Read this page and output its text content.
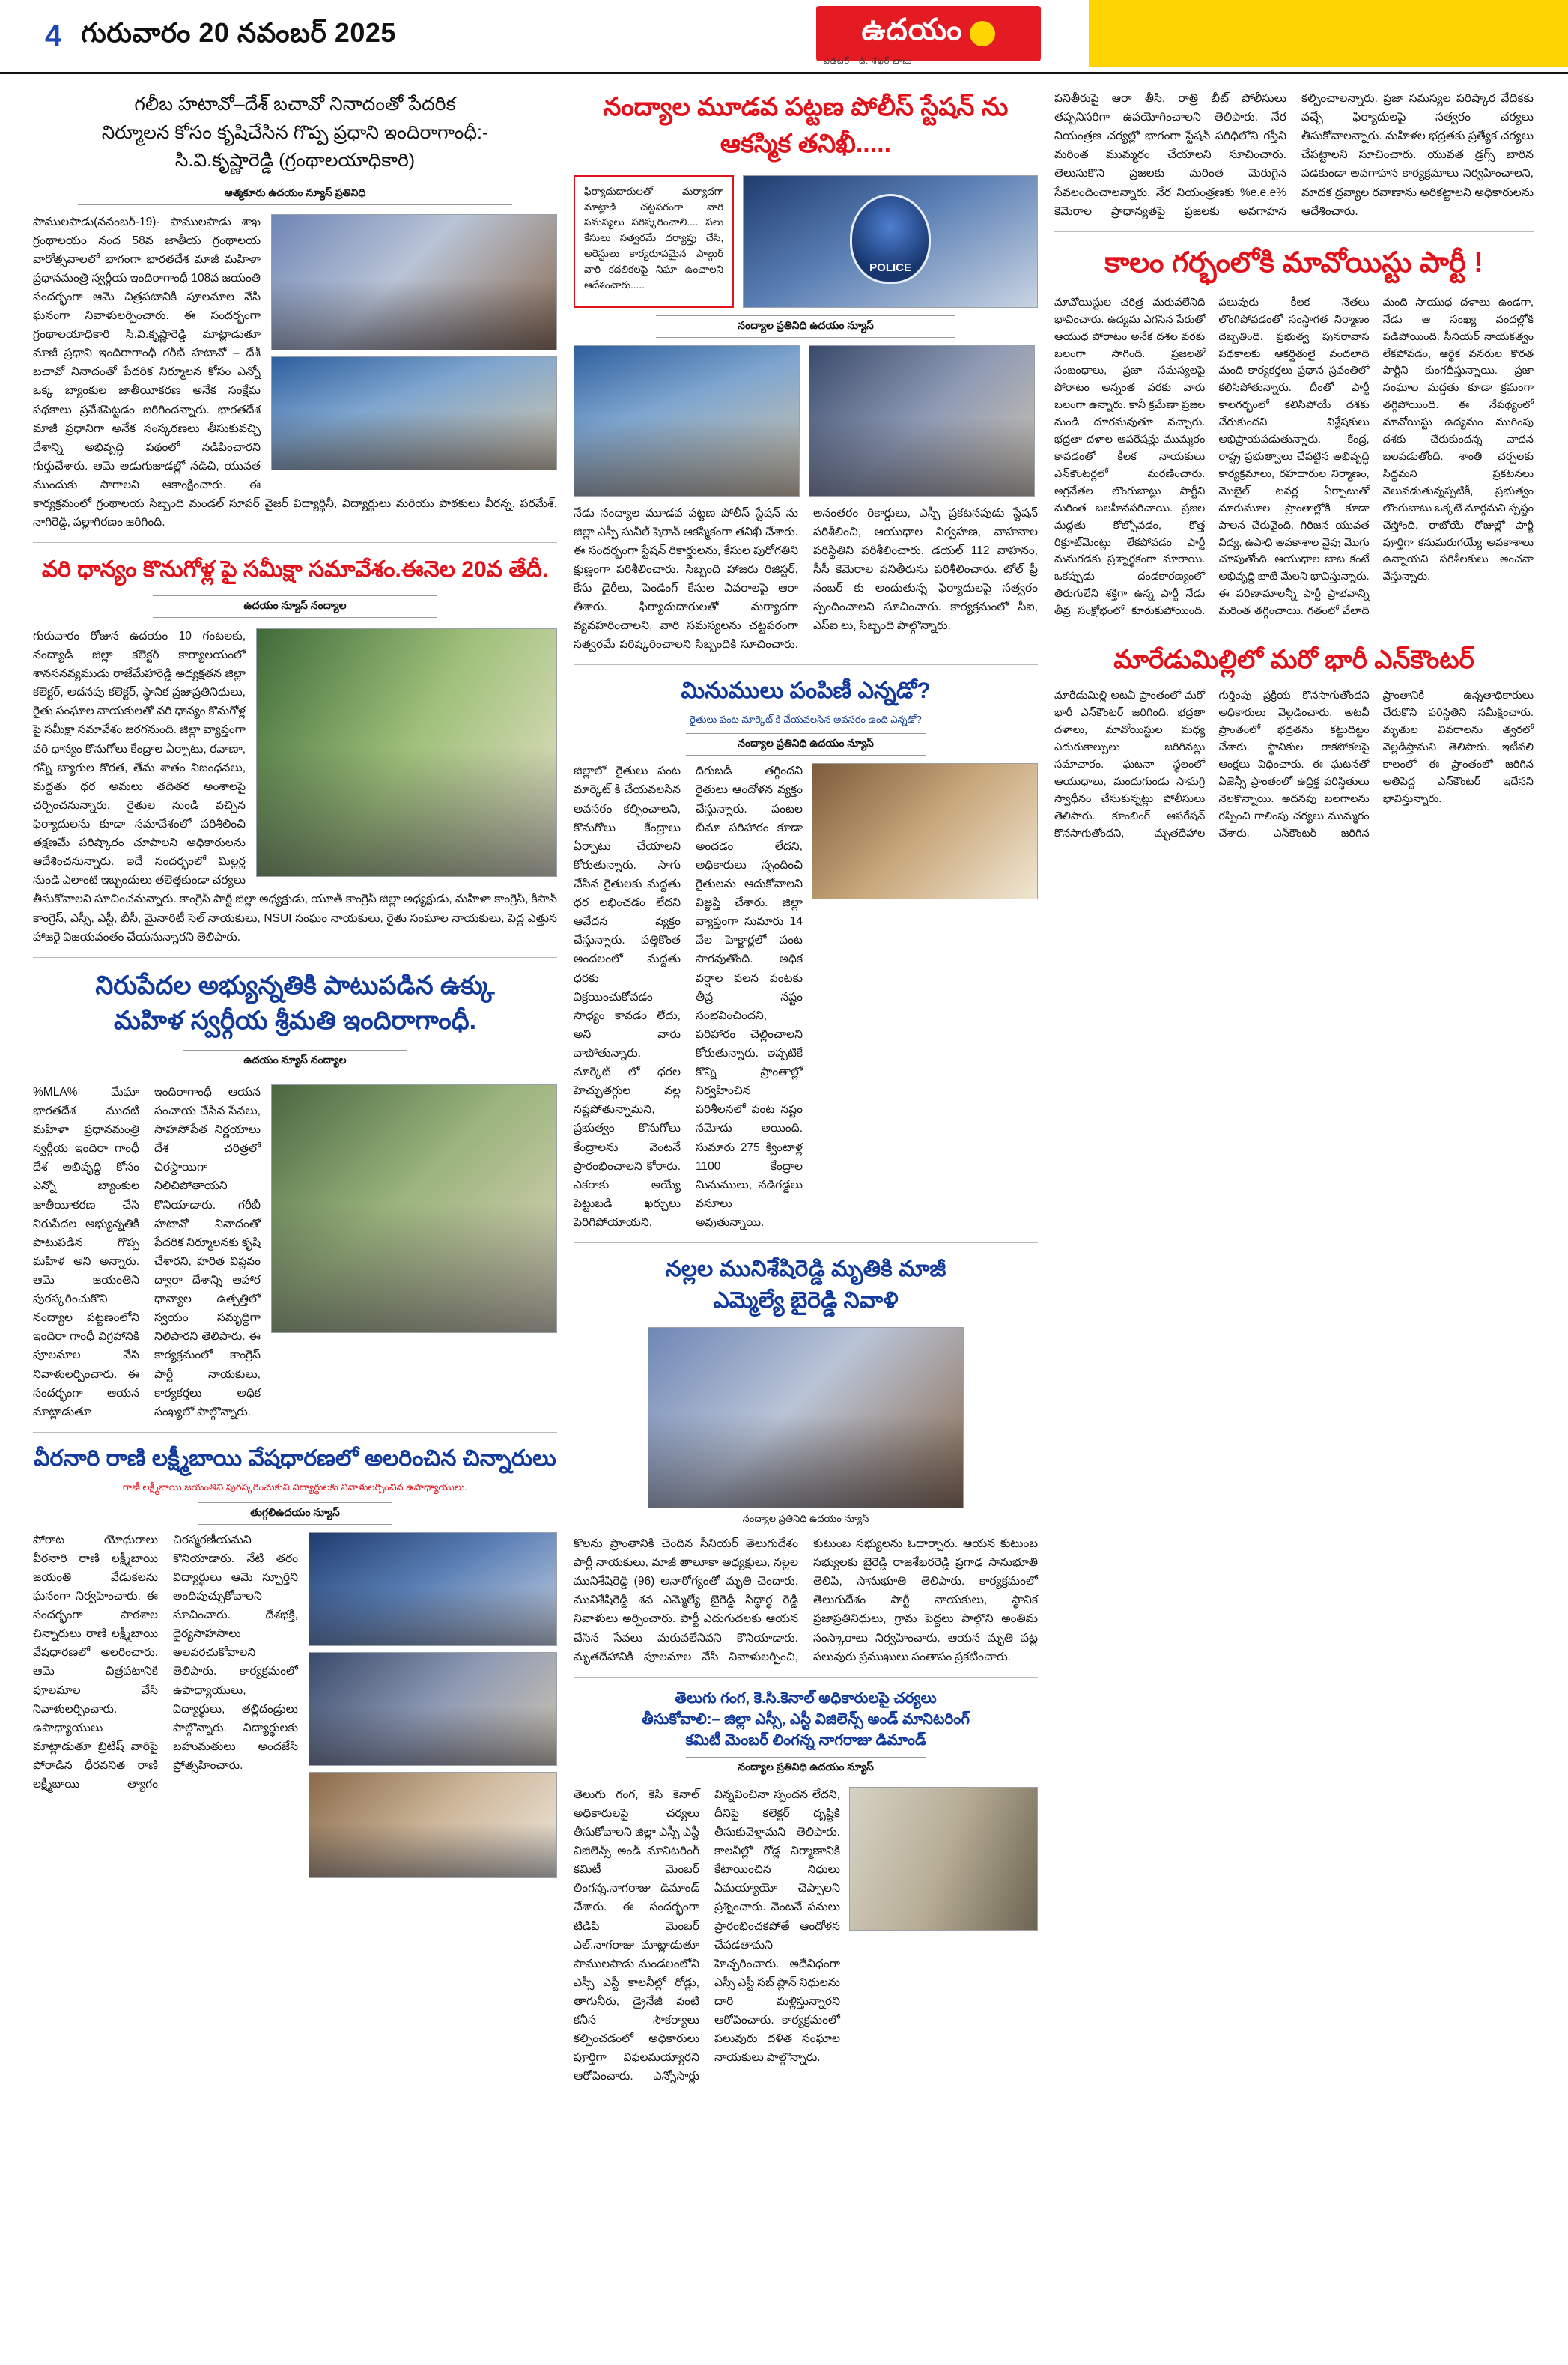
4 గురువారం 20 నవంబర్ 2025	ఉదయం
ఎడిటర్ : డి. శేఖర్ బాబు
గలీబ హటావో–దేశ్ బచావో నినాదంతో పేదరిక
నిర్మూలన కోసం కృషిచేసిన గొప్ప ప్రధాని ఇందిరాగాంధీ:-
సి.వి.కృష్ణారెడ్డి (గ్రంథాలయాధికారి)
ఆత్మకూరు ఉదయం న్యూస్ ప్రతినిధి
పాములపాడు(నవంబర్-19)- పాములపాడు శాఖ గ్రంథాలయం నంద 58వ జాతీయ గ్రంథాలయ వారోత్సవాలలో భాగంగా భారతదేశ మాజీ మహిళా ప్రధానమంత్రి స్వర్గీయ ఇందిరాగాంధీ 108వ జయంతి సందర్భంగా ఆమె చిత్రపటానికి పూలమాల వేసి ఘనంగా నివాళులర్పించారు. ఈ సందర్భంగా గ్రంథాలయాధికారి సి.వి.కృష్ణారెడ్డి మాట్లాడుతూ మాజీ ప్రధాని ఇందిరాగాంధీ గరీబ్ హటావో – దేశ్ బచావో నినాదంతో పేదరిక నిర్మూలన కోసం ఎన్నో ఒక్క బ్యాంకుల జాతీయీకరణ అనేక సంక్షేమ పథకాలు ప్రవేశపెట్టడం జరిగిందన్నారు. భారతదేశ మాజీ ప్రధానిగా అనేక సంస్కరణలు తీసుకువచ్చి దేశాన్ని అభివృద్ధి పథంలో నడిపించారని గుర్తుచేశారు. ఆమె అడుగుజాడల్లో నడిచి, యువత ముందుకు సాగాలని ఆకాంక్షించారు. ఈ కార్యక్రమంలో గ్రంథాలయ సిబ్బంది మండల్ సూపర్ వైజర్ విద్యార్థినీ, విద్యార్థులు మరియు పాఠకులు వీరన్న, పరమేశ్, నాగిరెడ్డి, పల్లాగిరణం జరిగింది.
వరి ధాన్యం కొనుగోళ్ల పై సమీక్షా సమావేశం.ఈనెల 20వ తేదీ.
ఉదయం న్యూస్ నంద్యాల
గురువారం రోజున ఉదయం 10 గంటలకు, నంద్యాడి జిల్లా కలెక్టర్ కార్యాలయంలో శానసనవ్యముడు రాజేమేహారెడ్డి అధ్యక్షతన జిల్లా కలెక్టర్, అదనపు కలెక్టర్, స్థానిక ప్రజాప్రతినిధులు, రైతు సంఘాల నాయకులతో వరి ధాన్యం కొనుగోళ్ల పై సమీక్షా సమావేశం జరగనుంది. జిల్లా వ్యాప్తంగా వరి ధాన్యం కొనుగోలు కేంద్రాల ఏర్పాటు, రవాణా, గన్నీ బ్యాగుల కొరత, తేమ శాతం నిబంధనలు, మద్దతు ధర అమలు తదితర అంశాలపై చర్చించనున్నారు. రైతుల నుండి వచ్చిన ఫిర్యాదులను కూడా సమావేశంలో పరిశీలించి తక్షణమే పరిష్కారం చూపాలని అధికారులను ఆదేశించనున్నారు. ఇదే సందర్భంలో మిల్లర్ల నుండి ఎలాంటి ఇబ్బందులు తలెత్తకుండా చర్యలు తీసుకోవాలని సూచించనున్నారు. కాంగ్రెస్ పార్టీ జిల్లా అధ్యక్షుడు, యూత్ కాంగ్రెస్ జిల్లా అధ్యక్షుడు, మహిళా కాంగ్రెస్, కిసాన్ కాంగ్రెస్, ఎస్సీ, ఎస్టీ, బీసీ, మైనారిటీ సెల్ నాయకులు, NSUI సంఘం నాయకులు, రైతు సంఘాల నాయకులు, పెద్ద ఎత్తున హాజరై విజయవంతం చేయనున్నారని తెలిపారు.
నిరుపేదల అభ్యున్నతికి పాటుపడిన ఉక్కు
మహిళ స్వర్గీయ శ్రీమతి ఇందిరాగాంధీ.
ఉదయం న్యూస్ నంద్యాల
%MLA% మేఘా భారతదేశ ముదటి మహిళా ప్రధానమంత్రి స్వర్గీయ ఇందిరా గాంధీ దేశ అభివృద్ధి కోసం ఎన్నో బ్యాంకుల జాతీయీకరణ చేసి నిరుపేదల అభ్యున్నతికి పాటుపడిన గొప్ప మహిళ అని అన్నారు. ఆమె జయంతిని పురస్కరించుకొని నంద్యాల పట్టణంలోని ఇందిరా గాంధీ విగ్రహానికి పూలమాల వేసి నివాళులర్పించారు. ఈ సందర్భంగా ఆయన మాట్లాడుతూ ఇందిరాగాంధీ ఆయన సంచాయ చేసిన సేవలు, సాహసోపేత నిర్ణయాలు దేశ చరిత్రలో చిరస్థాయిగా నిలిచిపోతాయని కొనియాడారు. గరీబీ హటావో నినాదంతో పేదరిక నిర్మూలనకు కృషి చేశారని, హరిత విప్లవం ద్వారా దేశాన్ని ఆహార ధాన్యాల ఉత్పత్తిలో స్వయం సమృద్ధిగా నిలిపారని తెలిపారు. ఈ కార్యక్రమంలో కాంగ్రెస్ పార్టీ నాయకులు, కార్యకర్తలు అధిక సంఖ్యలో పాల్గొన్నారు.
వీరనారి రాణి లక్ష్మీబాయి వేషధారణలో అలరించిన చిన్నారులు
రాణీ లక్ష్మీబాయి జయంతిని పురస్కరించుకుని విద్యార్థులకు నివాళులర్పించిన ఉపాధ్యాయులు.
తుగ్గలిఉదయం న్యూస్
పోరాట యోధురాలు వీరనారి రాణి లక్ష్మీబాయి జయంతి వేడుకలను ఘనంగా నిర్వహించారు. ఈ సందర్భంగా పాఠశాల చిన్నారులు రాణి లక్ష్మీబాయి వేషధారణలో అలరించారు. ఆమె చిత్రపటానికి పూలమాల వేసి నివాళులర్పించారు. ఉపాధ్యాయులు మాట్లాడుతూ బ్రిటిష్ వారిపై పోరాడిన ధీరవనిత రాణి లక్ష్మీబాయి త్యాగం చిరస్మరణీయమని కొనియాడారు. నేటి తరం విద్యార్థులు ఆమె స్ఫూర్తిని అందిపుచ్చుకోవాలని సూచించారు. దేశభక్తి, ధైర్యసాహసాలు అలవరచుకోవాలని తెలిపారు. కార్యక్రమంలో ఉపాధ్యాయులు, విద్యార్థులు, తల్లిదండ్రులు పాల్గొన్నారు. విద్యార్థులకు బహుమతులు అందజేసి ప్రోత్సహించారు.
నంద్యాల మూడవ పట్టణ పోలీస్ స్టేషన్ ను ఆకస్మిక తనిఖీ.....
ఫిర్యాదుదారులతో మర్యాదగా మాట్లాడి చట్టపరంగా వారి సమస్యలు పరిష్కరించాలి.... పలు కేసులు సత్వరమే దర్యాప్తు చేసి, అరెస్టులు కార్యరూపమైన పాల్గుర్ వారి కదలికలపై నిఘా ఉంచాలని ఆదేశించారు.....
POLICE
నంద్యాల ప్రతినిధి ఉదయం న్యూస్
నేడు నంద్యాల మూడవ పట్టణ పోలీస్ స్టేషన్ ను జిల్లా ఎస్పీ సునీల్ షెరాన్ ఆకస్మికంగా తనిఖీ చేశారు. ఈ సందర్భంగా స్టేషన్ రికార్డులను, కేసుల పురోగతిని క్షుణ్ణంగా పరిశీలించారు. సిబ్బంది హాజరు రిజిస్టర్, కేసు డైరీలు, పెండింగ్ కేసుల వివరాలపై ఆరా తీశారు. ఫిర్యాదుదారులతో మర్యాదగా వ్యవహరించాలని, వారి సమస్యలను చట్టపరంగా సత్వరమే పరిష్కరించాలని సిబ్బందికి సూచించారు. అనంతరం రికార్డులు, ఎస్పీ ప్రకటనపుడు స్టేషన్ పరిశీలించి, ఆయుధాల నిర్వహణ, వాహనాల పరిస్థితిని పరిశీలించారు. డయల్ 112 వాహనం, సీసీ కెమెరాల పనితీరును పరిశీలించారు. టోల్ ఫ్రీ నంబర్ కు అందుతున్న ఫిర్యాదులపై సత్వరం స్పందించాలని సూచించారు. కార్యక్రమంలో సీఐ, ఎస్ఐ లు, సిబ్బంది పాల్గొన్నారు.
మినుములు పంపిణీ ఎన్నడో?
రైతులు పంట మార్కెట్ కి చేయవలసిన అవసరం ఉంది ఎన్నడో?
నంద్యాల ప్రతినిధి ఉదయం న్యూస్
జిల్లాలో రైతులు పంట మార్కెట్ కి చేయవలసిన అవసరం కల్పించాలని, కొనుగోలు కేంద్రాలు ఏర్పాటు చేయాలని కోరుతున్నారు. సాగు చేసిన రైతులకు మద్దతు ధర లభించడం లేదని ఆవేదన వ్యక్తం చేస్తున్నారు. పత్తికొంత అందలంలో మద్దతు ధరకు విక్రయించుకోవడం సాధ్యం కావడం లేదు, అని వారు వాపోతున్నారు. మార్కెట్ లో ధరల హెచ్చుతగ్గుల వల్ల నష్టపోతున్నామని, ప్రభుత్వం కొనుగోలు కేంద్రాలను వెంటనే ప్రారంభించాలని కోరారు. ఎకరాకు అయ్యే పెట్టుబడి ఖర్చులు పెరిగిపోయాయని, దిగుబడి తగ్గిందని రైతులు ఆందోళన వ్యక్తం చేస్తున్నారు. పంటల బీమా పరిహారం కూడా అందడం లేదని, అధికారులు స్పందించి రైతులను ఆదుకోవాలని విజ్ఞప్తి చేశారు. జిల్లా వ్యాప్తంగా సుమారు 14 వేల హెక్టార్లలో పంట సాగవుతోంది. అధిక వర్షాల వలన పంటకు తీవ్ర నష్టం సంభవించిందని, పరిహారం చెల్లించాలని కోరుతున్నారు. ఇప్పటికే కొన్ని ప్రాంతాల్లో నిర్వహించిన పరిశీలనలో పంట నష్టం నమోదు అయింది. సుమారు 275 క్వింటాళ్ల 1100 కేంద్రాల మినుములు, నడిగడ్డలు వసూలు అవుతున్నాయి.
నల్లల మునిశేషిరెడ్డి మృతికి మాజీ
ఎమ్మెల్యే బైరెడ్డి నివాళి
నంద్యాల ప్రతినిధి ఉదయం న్యూస్
కొలను ప్రాంతానికి చెందిన సీనియర్ తెలుగుదేశం పార్టీ నాయకులు, మాజీ తాలూకా అధ్యక్షులు, నల్లల మునిశేషిరెడ్డి (96) అనారోగ్యంతో మృతి చెందారు. మునిశేషిరెడ్డి శవ ఎమ్మెల్యే బైరెడ్డి సిద్ధార్థ రెడ్డి నివాళులు అర్పించారు. పార్టీ ఎదుగుదలకు ఆయన చేసిన సేవలు మరువలేనివని కొనియాడారు. మృతదేహానికి పూలమాల వేసి నివాళులర్పించి, కుటుంబ సభ్యులను ఓదార్చారు. ఆయన కుటుంబ సభ్యులకు బైరెడ్డి రాజశేఖరరెడ్డి ప్రగాఢ సానుభూతి తెలిపి, సానుభూతి తెలిపారు. కార్యక్రమంలో తెలుగుదేశం పార్టీ నాయకులు, స్థానిక ప్రజాప్రతినిధులు, గ్రామ పెద్దలు పాల్గొని అంతిమ సంస్కారాలు నిర్వహించారు. ఆయన మృతి పట్ల పలువురు ప్రముఖులు సంతాపం ప్రకటించారు.
తెలుగు గంగ, కె.సి.కెనాల్ అధికారులపై చర్యలు
తీసుకోవాలి:– జిల్లా ఎస్సీ, ఎస్టీ విజిలెన్స్ అండ్ మానిటరింగ్
కమిటీ మెంబర్ లింగన్న నాగరాజు డిమాండ్
నంద్యాల ప్రతినిధి ఉదయం న్యూస్
తెలుగు గంగ, కెసి కెనాల్ అధికారులపై చర్యలు తీసుకోవాలని జిల్లా ఎస్సీ ఎస్టీ విజిలెన్స్ అండ్ మానిటరింగ్ కమిటీ మెంబర్ లింగన్న.నాగరాజు డిమాండ్ చేశారు. ఈ సందర్భంగా టిడిపి మెంబర్ ఎల్.నాగరాజు మాట్లాడుతూ పాములపాడు మండలంలోని ఎస్సీ ఎస్టీ కాలనీల్లో రోడ్లు, తాగునీరు, డ్రైనేజీ వంటి కనీస సౌకర్యాలు కల్పించడంలో అధికారులు పూర్తిగా విఫలమయ్యారని ఆరోపించారు. ఎన్నోసార్లు విన్నవించినా స్పందన లేదని, దీనిపై కలెక్టర్ దృష్టికి తీసుకువెళ్తామని తెలిపారు. కాలనీల్లో రోడ్ల నిర్మాణానికి కేటాయించిన నిధులు ఏమయ్యాయో చెప్పాలని ప్రశ్నించారు. వెంటనే పనులు ప్రారంభించకపోతే ఆందోళన చేపడతామని హెచ్చరించారు. అదేవిధంగా ఎస్సీ ఎస్టీ సబ్ ప్లాన్ నిధులను దారి మళ్లిస్తున్నారని ఆరోపించారు. కార్యక్రమంలో పలువురు దళిత సంఘాల నాయకులు పాల్గొన్నారు.
పనితీరుపై ఆరా తీసి, రాత్రి బీట్ పోలీసులు తప్పనిసరిగా ఉపయోగించాలని తెలిపారు. నేర నియంత్రణ చర్యల్లో భాగంగా స్టేషన్ పరిధిలోని గస్తీని మరింత ముమ్మరం చేయాలని సూచించారు. తెలుసుకొని ప్రజలకు మరింత మెరుగైన సేవలందించాలన్నారు. నేర నియంత్రణకు %e.e.e% కెమెరాల ప్రాధాన్యతపై ప్రజలకు అవగాహన కల్పించాలన్నారు. ప్రజా సమస్యల పరిష్కార వేదికకు వచ్చే ఫిర్యాదులపై సత్వరం చర్యలు తీసుకోవాలన్నారు. మహిళల భద్రతకు ప్రత్యేక చర్యలు చేపట్టాలని సూచించారు. యువత డ్రగ్స్ బారిన పడకుండా అవగాహన కార్యక్రమాలు నిర్వహించాలని, మాదక ద్రవ్యాల రవాణాను అరికట్టాలని అధికారులను ఆదేశించారు.
కాలం గర్భంలోకి మావోయిస్టు పార్టీ !
మావోయిస్టుల చరిత్ర మరువలేనిది భావించారు. ఉద్యమ ఎగసిన పేరుతో ఆయుధ పోరాటం అనేక దశల వరకు బలంగా సాగింది. ప్రజలతో సంబంధాలు, ప్రజా సమస్యలపై పోరాటం అన్నంత వరకు వారు బలంగా ఉన్నారు. కానీ క్రమేణా ప్రజల నుండి దూరమవుతూ వచ్చారు. భద్రతా దళాల ఆపరేషన్లు ముమ్మరం కావడంతో కీలక నాయకులు ఎన్‌కౌంటర్లలో మరణించారు. అగ్రనేతల లొంగుబాట్లు పార్టీని మరింత బలహీనపరిచాయి. ప్రజల మద్దతు కోల్పోవడం, కొత్త రిక్రూట్‌మెంట్లు లేకపోవడం పార్టీ మనుగడకు ప్రశ్నార్థకంగా మారాయి. ఒకప్పుడు దండకారణ్యంలో తిరుగులేని శక్తిగా ఉన్న పార్టీ నేడు తీవ్ర సంక్షోభంలో కూరుకుపోయింది. పలువురు కీలక నేతలు లొంగిపోవడంతో సంస్థాగత నిర్మాణం దెబ్బతింది. ప్రభుత్వ పునరావాస పథకాలకు ఆకర్షితులై వందలాది మంది కార్యకర్తలు ప్రధాన స్రవంతిలో కలిసిపోతున్నారు. దీంతో పార్టీ కాలగర్భంలో కలిసిపోయే దశకు చేరుకుందని విశ్లేషకులు అభిప్రాయపడుతున్నారు. కేంద్ర, రాష్ట్ర ప్రభుత్వాలు చేపట్టిన అభివృద్ధి కార్యక్రమాలు, రహదారుల నిర్మాణం, మొబైల్ టవర్ల ఏర్పాటుతో మారుమూల ప్రాంతాల్లోకి కూడా పాలన చేరువైంది. గిరిజన యువత విద్య, ఉపాధి అవకాశాల వైపు మొగ్గు చూపుతోంది. ఆయుధాల బాట కంటే అభివృద్ధి బాటే మేలని భావిస్తున్నారు. ఈ పరిణామాలన్నీ పార్టీ ప్రాభవాన్ని మరింత తగ్గించాయి. గతంలో వేలాది మంది సాయుధ దళాలు ఉండగా, నేడు ఆ సంఖ్య వందల్లోకి పడిపోయింది. సీనియర్ నాయకత్వం లేకపోవడం, ఆర్థిక వనరుల కొరత పార్టీని కుంగదీస్తున్నాయి. ప్రజా సంఘాల మద్దతు కూడా క్రమంగా తగ్గిపోయింది. ఈ నేపథ్యంలో మావోయిస్టు ఉద్యమం ముగింపు దశకు చేరుకుందన్న వాదన బలపడుతోంది. శాంతి చర్చలకు సిద్ధమని ప్రకటనలు వెలువడుతున్నప్పటికీ, ప్రభుత్వం లొంగుబాటు ఒక్కటే మార్గమని స్పష్టం చేస్తోంది. రాబోయే రోజుల్లో పార్టీ పూర్తిగా కనుమరుగయ్యే అవకాశాలు ఉన్నాయని పరిశీలకులు అంచనా వేస్తున్నారు.
మారేడుమిల్లిలో మరో భారీ ఎన్‌కౌంటర్
మారేడుమిల్లి అటవీ ప్రాంతంలో మరో భారీ ఎన్‌కౌంటర్ జరిగింది. భద్రతా దళాలు, మావోయిస్టుల మధ్య ఎదురుకాల్పులు జరిగినట్లు సమాచారం. ఘటనా స్థలంలో ఆయుధాలు, మందుగుండు సామగ్రి స్వాధీనం చేసుకున్నట్లు పోలీసులు తెలిపారు. కూంబింగ్ ఆపరేషన్ కొనసాగుతోందని, మృతదేహాల గుర్తింపు ప్రక్రియ కొనసాగుతోందని అధికారులు వెల్లడించారు. అటవీ ప్రాంతంలో భద్రతను కట్టుదిట్టం చేశారు. స్థానికుల రాకపోకలపై ఆంక్షలు విధించారు. ఈ ఘటనతో ఏజెన్సీ ప్రాంతంలో ఉద్రిక్త పరిస్థితులు నెలకొన్నాయి. అదనపు బలగాలను రప్పించి గాలింపు చర్యలు ముమ్మరం చేశారు. ఎన్‌కౌంటర్ జరిగిన ప్రాంతానికి ఉన్నతాధికారులు చేరుకొని పరిస్థితిని సమీక్షించారు. మృతుల వివరాలను త్వరలో వెల్లడిస్తామని తెలిపారు. ఇటీవలి కాలంలో ఈ ప్రాంతంలో జరిగిన అతిపెద్ద ఎన్‌కౌంటర్ ఇదేనని భావిస్తున్నారు.
